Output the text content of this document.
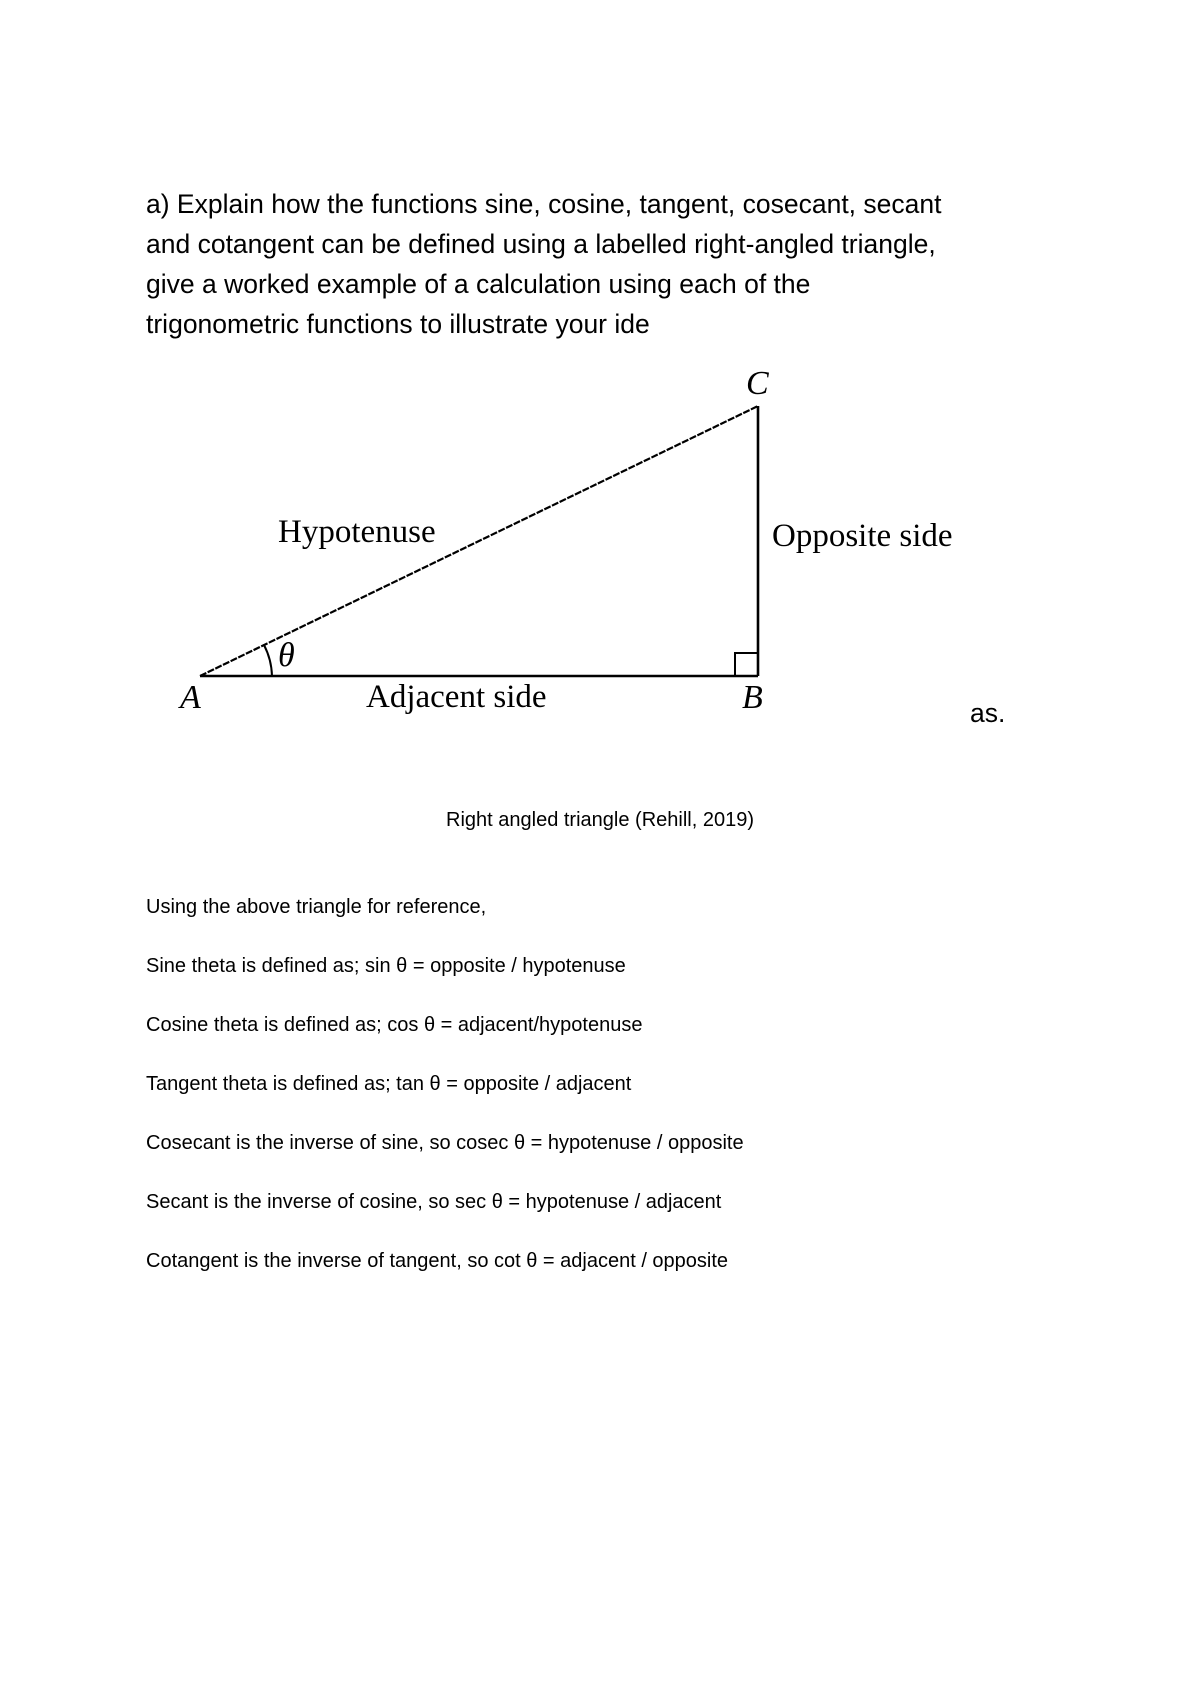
a) Explain how the functions sine, cosine, tangent, cosecant, secant
and cotangent can be defined using a labelled right-angled triangle,
give a worked example of a calculation using each of the
trigonometric functions to illustrate your ide

A	B
C
θ
Hypotenuse	Opposite side
Adjacent side	as.

Right angled triangle (Rehill, 2019)

Using the above triangle for reference,
Sine theta is defined as; sin θ = opposite / hypotenuse
Cosine theta is defined as; cos θ = adjacent/hypotenuse
Tangent theta is defined as; tan θ = opposite / adjacent
Cosecant is the inverse of sine, so cosec θ = hypotenuse / opposite
Secant is the inverse of cosine, so sec θ = hypotenuse / adjacent
Cotangent is the inverse of tangent, so cot θ = adjacent / opposite
